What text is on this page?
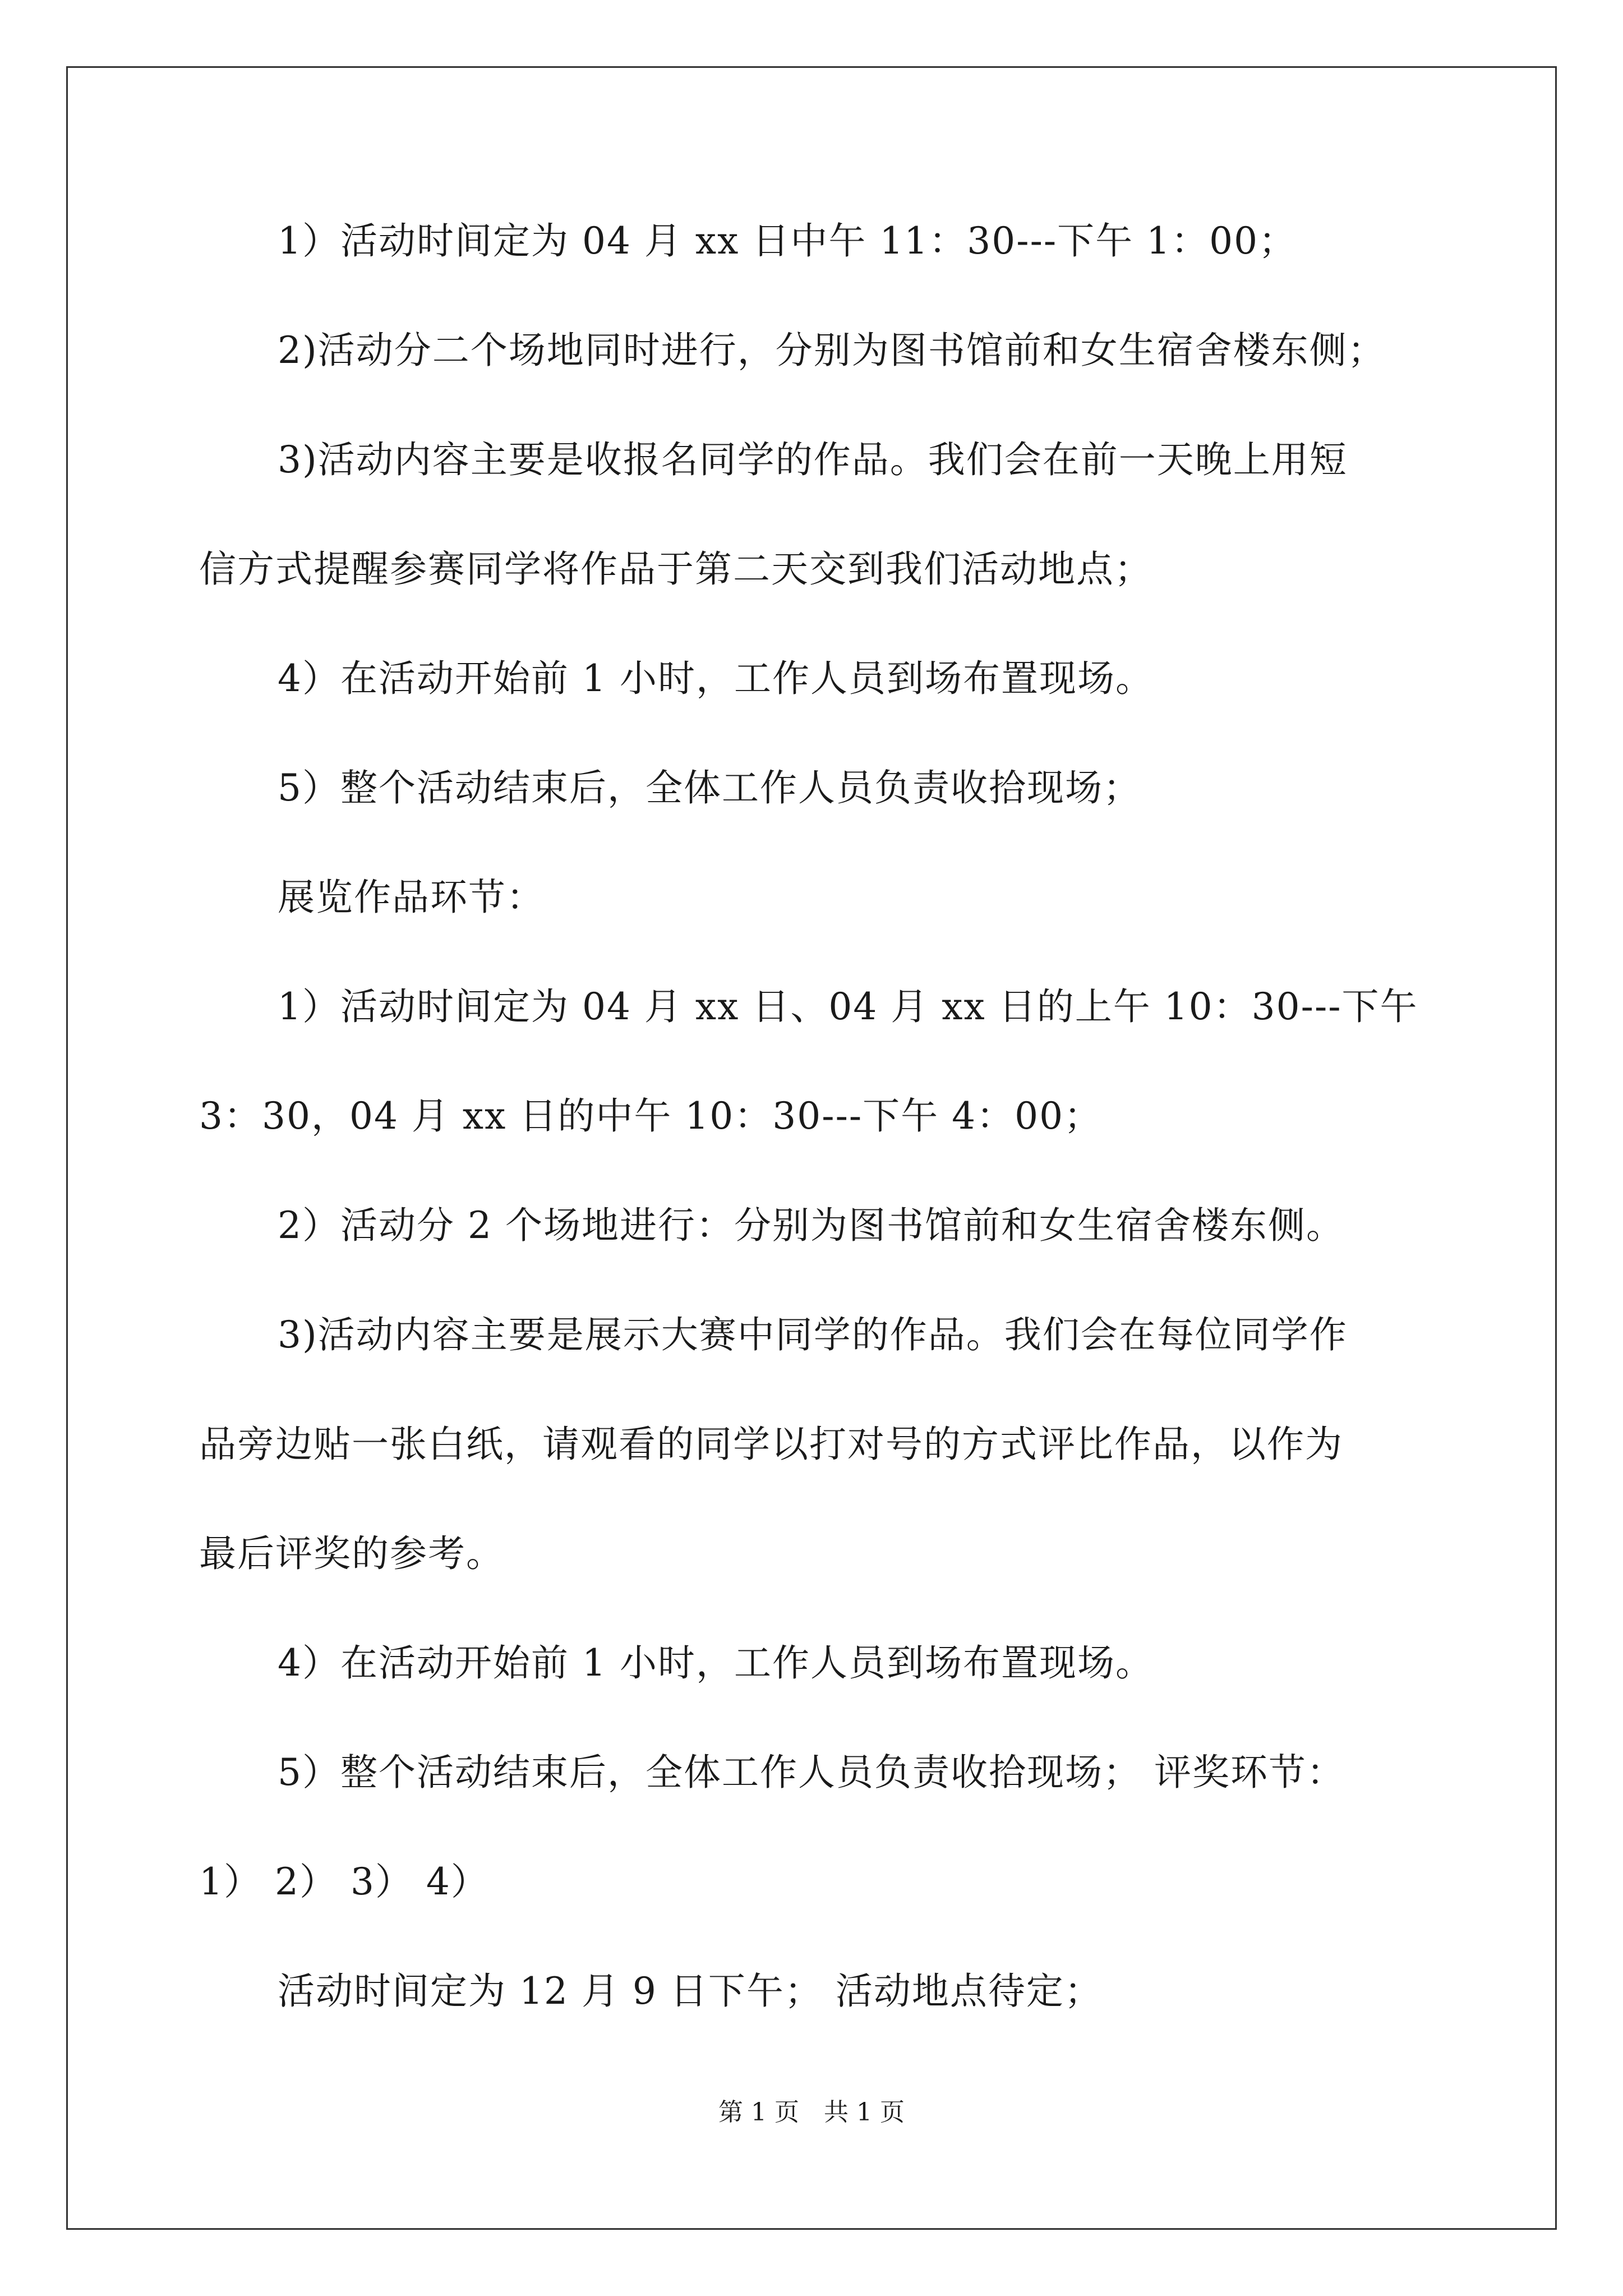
1）活动时间定为 04 月 xx 日中午 11：30---下午 1：00；
2)活动分二个场地同时进行，分别为图书馆前和女生宿舍楼东侧；
3)活动内容主要是收报名同学的作品。我们会在前一天晚上用短
信方式提醒参赛同学将作品于第二天交到我们活动地点；
4）在活动开始前 1 小时，工作人员到场布置现场。
5）整个活动结束后，全体工作人员负责收拾现场；
展览作品环节：
1）活动时间定为 04 月 xx 日、04 月 xx 日的上午 10：30---下午
3：30，04 月 xx 日的中午 10：30---下午 4：00；
2）活动分 2 个场地进行：分别为图书馆前和女生宿舍楼东侧。
3)活动内容主要是展示大赛中同学的作品。我们会在每位同学作
品旁边贴一张白纸，请观看的同学以打对号的方式评比作品，以作为
最后评奖的参考。
4）在活动开始前 1 小时，工作人员到场布置现场。
5）整个活动结束后，全体工作人员负责收拾现场； 评奖环节：
1） 2） 3） 4）
活动时间定为 12 月 9 日下午； 活动地点待定；
第 1 页　共 1 页
